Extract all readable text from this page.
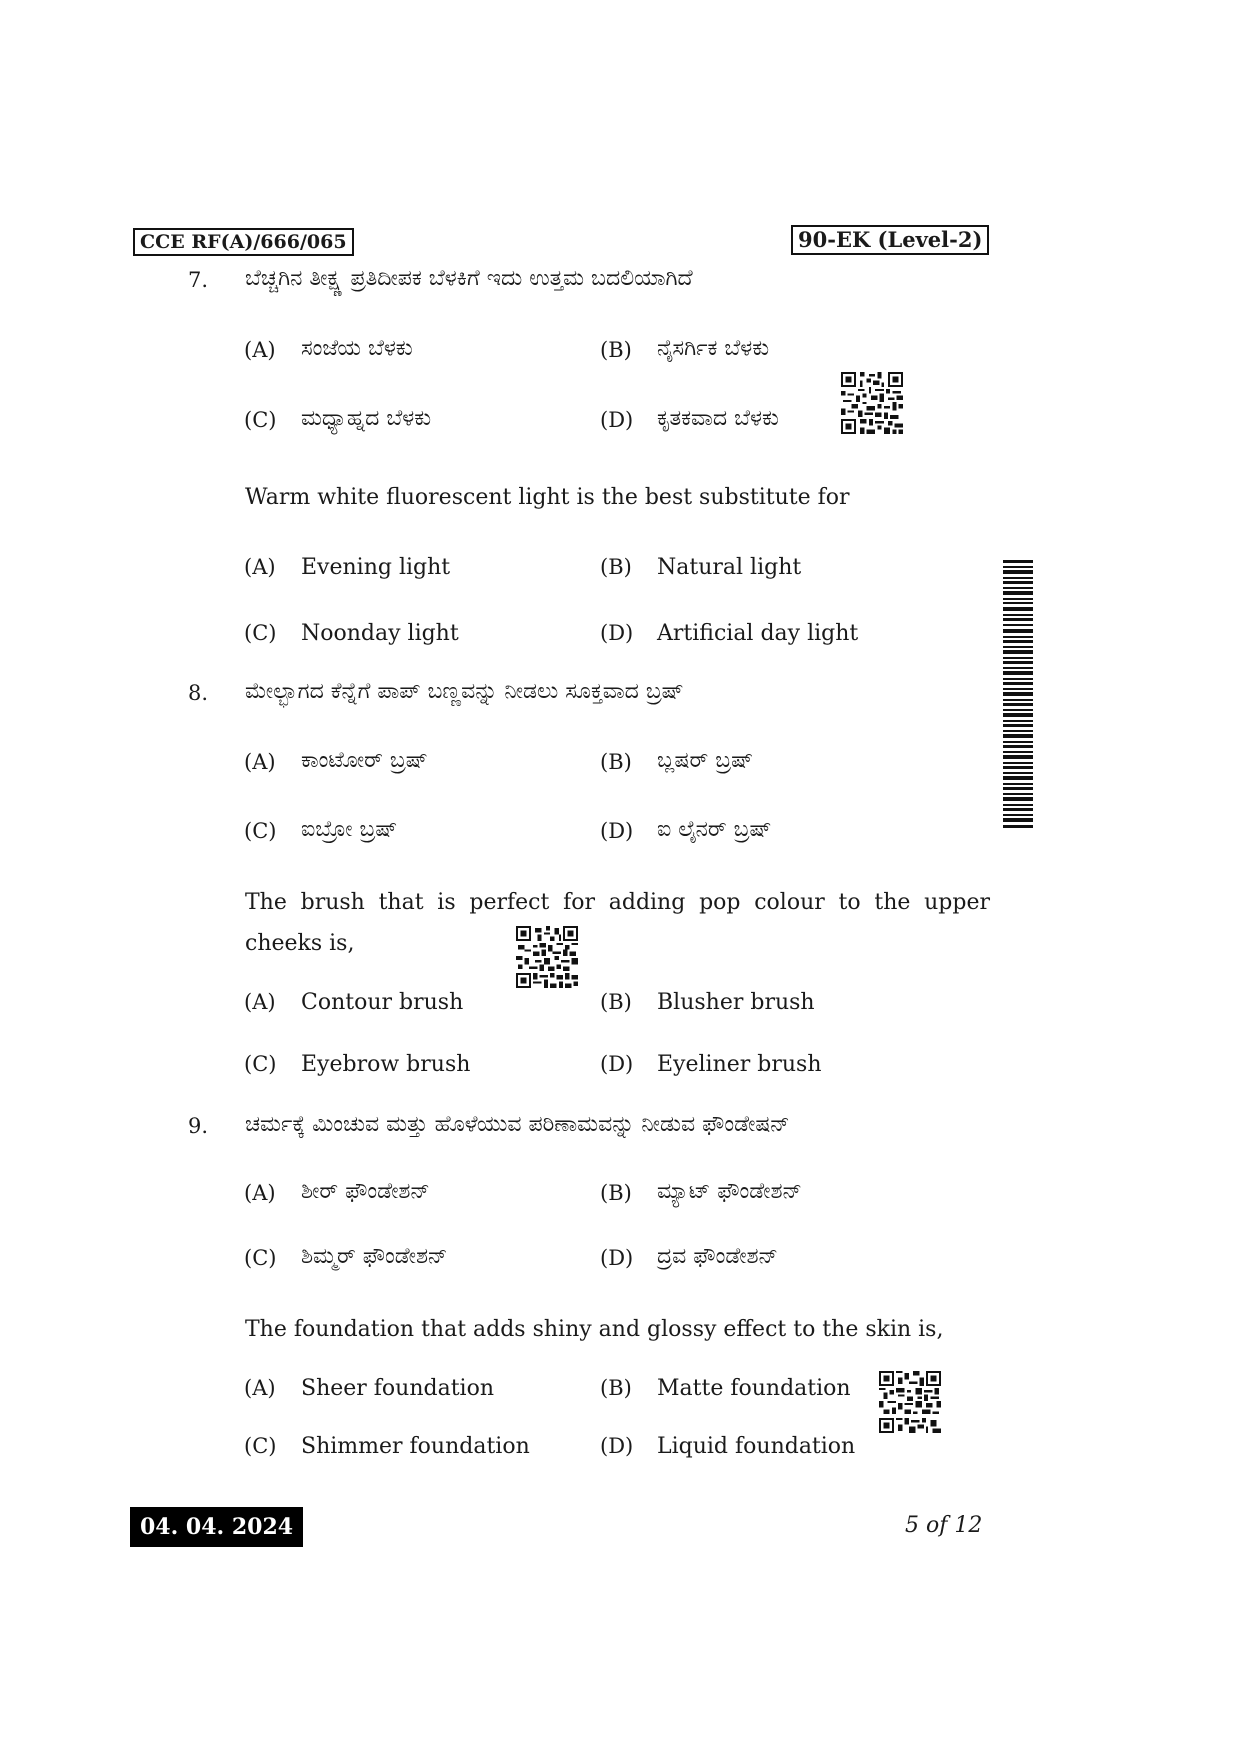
CCE RF(A)/666/065	90-EK (Level-2)
7. ಬೆಚ್ಚಗಿನ ತೀಕ್ಷ್ಣ ಪ್ರತಿದೀಪಕ ಬೆಳಕಿಗೆ ಇದು ಉತ್ತಮ ಬದಲಿಯಾಗಿದೆ
(A) ಸಂಜೆಯ ಬೆಳಕು	(B) ನೈಸರ್ಗಿಕ ಬೆಳಕು
(C) ಮಧ್ಯಾಹ್ನದ ಬೆಳಕು	(D) ಕೃತಕವಾದ ಬೆಳಕು
Warm white fluorescent light is the best substitute for
(A) Evening light	(B) Natural light
(C) Noonday light	(D) Artificial day light
8. ಮೇಲ್ಭಾಗದ ಕೆನ್ನೆಗೆ ಪಾಪ್ ಬಣ್ಣವನ್ನು ನೀಡಲು ಸೂಕ್ತವಾದ ಬ್ರಷ್
(A) ಕಾಂಟೋರ್ ಬ್ರಷ್	(B) ಬ್ಲಷರ್ ಬ್ರಷ್
(C) ಐಬ್ರೋ ಬ್ರಷ್	(D) ಐ ಲೈನರ್ ಬ್ರಷ್
The brush that is perfect for adding pop colour to the upper
cheeks is,
(A) Contour brush	(B) Blusher brush
(C) Eyebrow brush	(D) Eyeliner brush
9. ಚರ್ಮಕ್ಕೆ ಮಿಂಚುವ ಮತ್ತು ಹೊಳೆಯುವ ಪರಿಣಾಮವನ್ನು ನೀಡುವ ಫೌಂಡೇಷನ್
(A) ಶೀರ್ ಫೌಂಡೇಶನ್	(B) ಮ್ಯಾಟ್ ಫೌಂಡೇಶನ್
(C) ಶಿಮ್ಮರ್ ಫೌಂಡೇಶನ್	(D) ದ್ರವ ಫೌಂಡೇಶನ್
The foundation that adds shiny and glossy effect to the skin is,
(A) Sheer foundation	(B) Matte foundation
(C) Shimmer foundation	(D) Liquid foundation
04. 04. 2024	5 of 12
